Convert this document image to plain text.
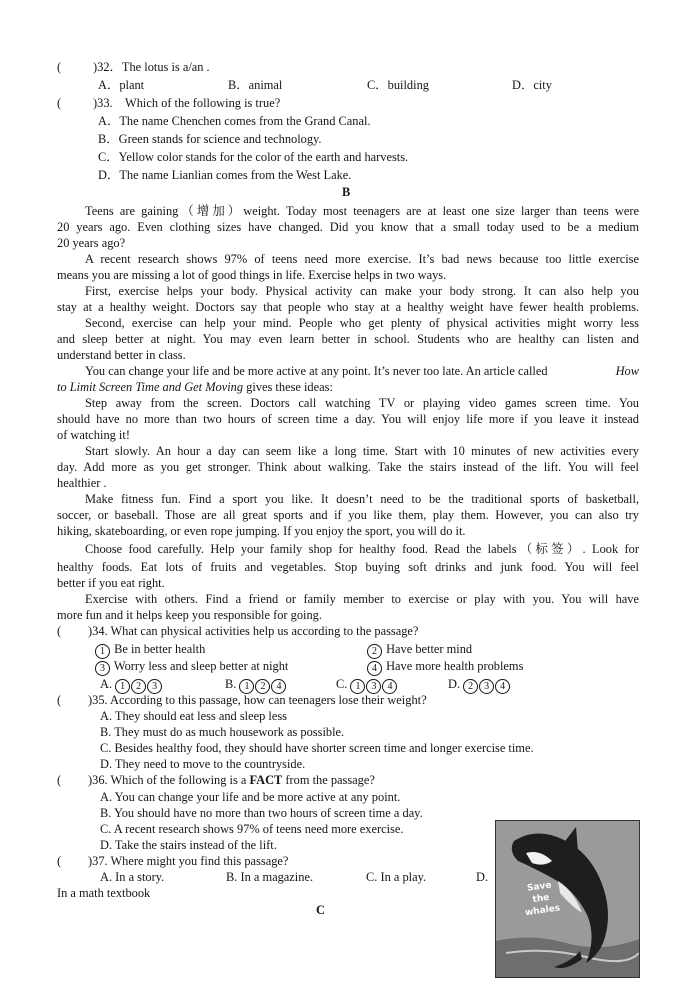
(	)32．The lotus is a/an .
A．plant	B．animal	C．building	D．city
(	)33.　Which of the following is true?
A．The name Chenchen comes from the Grand Canal.
B．Green stands for science and technology.
C．Yellow color stands for the color of the earth and harvests.
D．The name Lianlian comes from the West Lake.
B
Teens are gaining（增加）weight. Today most teenagers are at least one size larger than teens were
20 years ago. Even clothing sizes have changed. Did you know that a small today used to be a medium
20 years ago?
A recent research shows 97% of teens need more exercise. It’s bad news because too little exercise
means you are missing a lot of good things in life. Exercise helps in two ways.
First, exercise helps your body. Physical activity can make your body strong. It can also help you
stay at a healthy weight. Doctors say that people who stay at a healthy weight have fewer health problems.
Second, exercise can help your mind. People who get plenty of physical activities might worry less
and sleep better at night. You may even learn better in school. Students who are healthy can listen and
understand better in class.
You can change your life and be more active at any point. It’s never too late. An article called	How
to Limit Screen Time and Get Moving gives these ideas:
Step away from the screen. Doctors call watching TV or playing video games screen time. You
should have no more than two hours of screen time a day. You will enjoy life more if you leave it instead
of watching it!
Start slowly. An hour a day can seem like a long time. Start with 10 minutes of new activities every
day. Add more as you get stronger. Think about walking. Take the stairs instead of the lift. You will feel
healthier .
Make fitness fun. Find a sport you like. It doesn’t need to be the traditional sports of basketball,
soccer, or baseball. Those are all great sports and if you like them, play them. However, you can also try
hiking, skateboarding, or even rope jumping. If you enjoy the sport, you will do it.
Choose food carefully. Help your family shop for healthy food. Read the labels（标签）. Look for
healthy foods. Eat lots of fruits and vegetables. Stop buying soft drinks and junk food. You will feel
better if you eat right.
Exercise with others. Find a friend or family member to exercise or play with you. You will have
more fun and it helps keep you responsible for going.
( )34. What can physical activities help us according to the passage?
1 Be in better health	2 Have better mind
3 Worry less and sleep better at night	4 Have more health problems
A. 1 2 3	B. 1 2 4	C. 1 3 4	D. 2 3 4
( )35. According to this passage, how can teenagers lose their weight?
A. They should eat less and sleep less
B. They must do as much housework as possible.
C. Besides healthy food, they should have shorter screen time and longer exercise time.
D. They need to move to the countryside.
( )36. Which of the following is a FACT from the passage?
A. You can change your life and be more active at any point.
B. You should have no more than two hours of screen time a day.
C. A recent research shows 97% of teens need more exercise.
D. Take the stairs instead of the lift.
( )37. Where might you find this passage?
A. In a story.	B. In a magazine.	C. In a play.	D.
In a math textbook
C
Save
the
whales
